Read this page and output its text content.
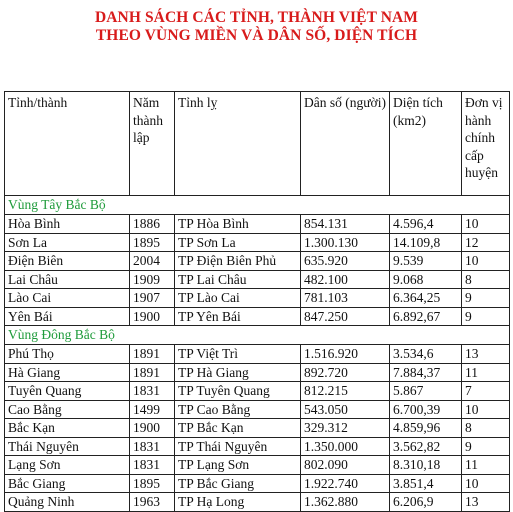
DANH SÁCH CÁC TỈNH, THÀNH VIỆT NAM
THEO VÙNG MIỀN VÀ DÂN SỐ, DIỆN TÍCH
Tỉnh/thành	Năm thành lập	Tỉnh lỵ	Dân số (người)	Diện tích (km2)	Đơn vị hành chính cấp huyện
Vùng Tây Bắc Bộ					
Hòa Bình	1886	TP Hòa Bình	854.131	4.596,4	10
Sơn La	1895	TP Sơn La	1.300.130	14.109,8	12
Điện Biên	2004	TP Điện Biên Phủ	635.920	9.539	10
Lai Châu	1909	TP Lai Châu	482.100	9.068	8
Lào Cai	1907	TP Lào Cai	781.103	6.364,25	9
Yên Bái	1900	TP Yên Bái	847.250	6.892,67	9
Vùng Đông Bắc Bộ					
Phú Thọ	1891	TP Việt Trì	1.516.920	3.534,6	13
Hà Giang	1891	TP Hà Giang	892.720	7.884,37	11
Tuyên Quang	1831	TP Tuyên Quang	812.215	5.867	7
Cao Bằng	1499	TP Cao Bằng	543.050	6.700,39	10
Bắc Kạn	1900	TP Bắc Kạn	329.312	4.859,96	8
Thái Nguyên	1831	TP Thái Nguyên	1.350.000	3.562,82	9
Lạng Sơn	1831	TP Lạng Sơn	802.090	8.310,18	11
Bắc Giang	1895	TP Bắc Giang	1.922.740	3.851,4	10
Quảng Ninh	1963	TP Hạ Long	1.362.880	6.206,9	13
